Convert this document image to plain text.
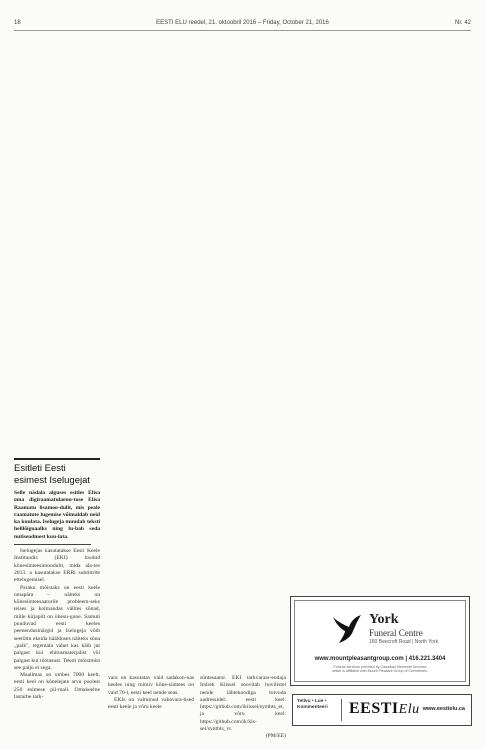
18	EESTI ELU reedel, 21. oktoobril 2016 – Friday, October 21, 2016	Nr. 42
Esitleti Eesti
esimest Iselugejat

Selle nädala alguses esitles Elisa oma digiraamatulaenu-tuse Elisa Raamatu lisamoo-dulit, mis peale raamatute lugemise võimaldab neid ka kuulata. Iselugeja muudab teksti helilõiguaalks ning lu-bab seda nutiseadmest kuu-lata.

Iselugejas kasutatakse Eesti Keele Instituudis (EKI) loodud kõnesünteesimoodulit, mida ala-tes 2013. a kasutatakse ERRi subtiitrite ettelugemisel.

Paraku mõistaks on eesti keele omapära – näiteks on kõnesünteesaatorile probleem-seks teises ja kolmandas välites sõnad, mille kirjapilt on ühesu-gune. Samuti puuduvad eesti keeles peenendusmärgid ja Iselugeja võib seetõttu eksida häälduses näiteks sõna „palk", tegemata vahet kas käib jut palgast kui ehitusmaterjalist või palgast kui töötasust. Teksti mõistmist see palju ei sega.

Maailmas on umbes 7000 keelt, eesti keel on kõnelejate arvu poolest 250 esimese pii-mail. Omakeelne lastarbe tark-

vara on kasutatav vaid sadakon-nas keeles ning toimiv kõne-süntees on vaid 70-l, eesti keel nende seas.

EKIs on valminud vabavara-lised eesti keele ja võru keele

süntesaator. EKI tarkvaraar-endaja Indrek Kiissel soovitab huvilistel nende lähtekoodiga tutvuda aadressidel: eesti keel: https://github.com/ikiissel/synthts_et, ja võru keel: https://github.com/ik/kis-sel/synthts_vr.

(PM/EE)

York
Funeral Centre
160 Beecroft Road | North York
www.mountpleasantgroup.com | 416.221.3404
Funeral services provided by Canadian Memorial Services
which is affiliated with Mount Pleasant Group of Cemeteries.
Tellvu • Lue •
Kommenteeri	EESTIElu www.eestielu.ca
